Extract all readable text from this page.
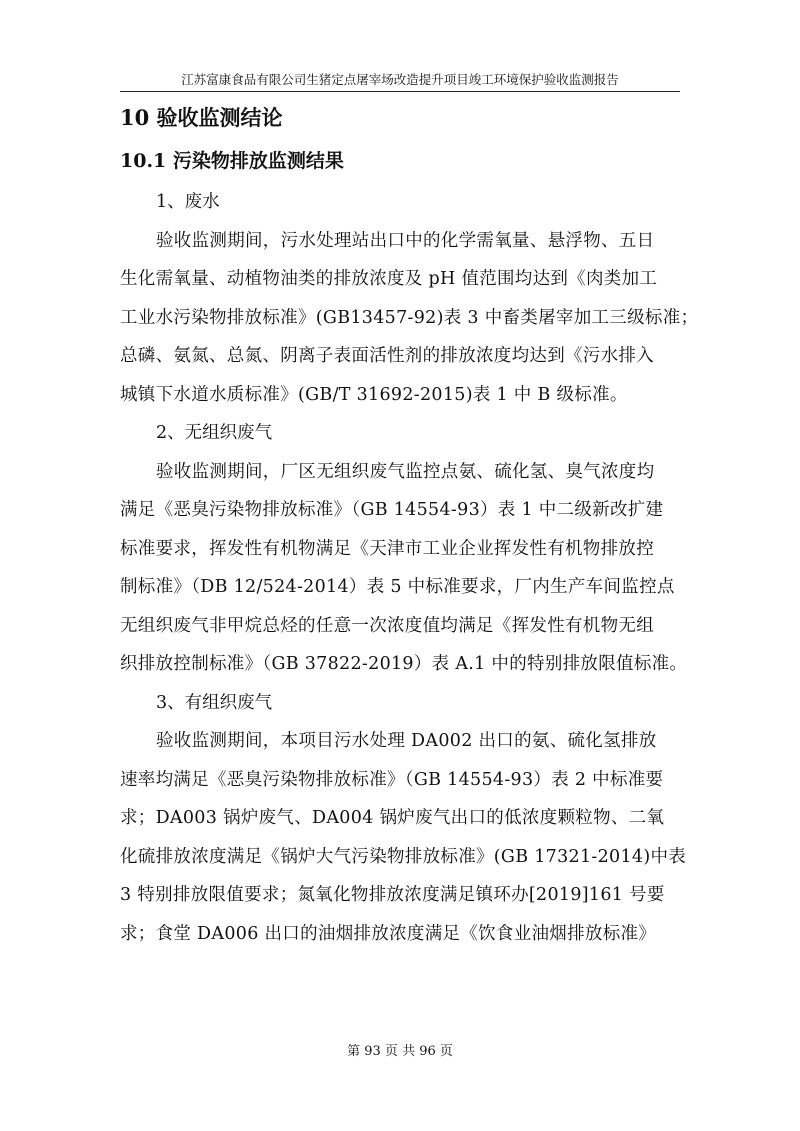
江苏富康食品有限公司生猪定点屠宰场改造提升项目竣工环境保护验收监测报告
10 验收监测结论
10.1 污染物排放监测结果

1、废水

验收监测期间，污水处理站出口中的化学需氧量、悬浮物、五日
生化需氧量、动植物油类的排放浓度及 pH 值范围均达到《肉类加工
工业水污染物排放标准》(GB13457-92)表 3 中畜类屠宰加工三级标准；
总磷、氨氮、总氮、阴离子表面活性剂的排放浓度均达到《污水排入
城镇下水道水质标准》(GB/T 31692-2015)表 1 中 B 级标准。

2、无组织废气

验收监测期间，厂区无组织废气监控点氨、硫化氢、臭气浓度均
满足《恶臭污染物排放标准》（GB 14554-93）表 1 中二级新改扩建
标准要求，挥发性有机物满足《天津市工业企业挥发性有机物排放控
制标准》（DB 12/524-2014）表 5 中标准要求，厂内生产车间监控点
无组织废气非甲烷总烃的任意一次浓度值均满足《挥发性有机物无组
织排放控制标准》（GB 37822-2019）表 A.1 中的特别排放限值标准。

3、有组织废气

验收监测期间，本项目污水处理 DA002 出口的氨、硫化氢排放
速率均满足《恶臭污染物排放标准》（GB 14554-93）表 2 中标准要
求；DA003 锅炉废气、DA004 锅炉废气出口的低浓度颗粒物、二氧
化硫排放浓度满足《锅炉大气污染物排放标准》(GB 17321-2014)中表
3 特别排放限值要求；氮氧化物排放浓度满足镇环办[2019]161 号要
求；食堂 DA006 出口的油烟排放浓度满足《饮食业油烟排放标准》

第 93 页 共 96 页
